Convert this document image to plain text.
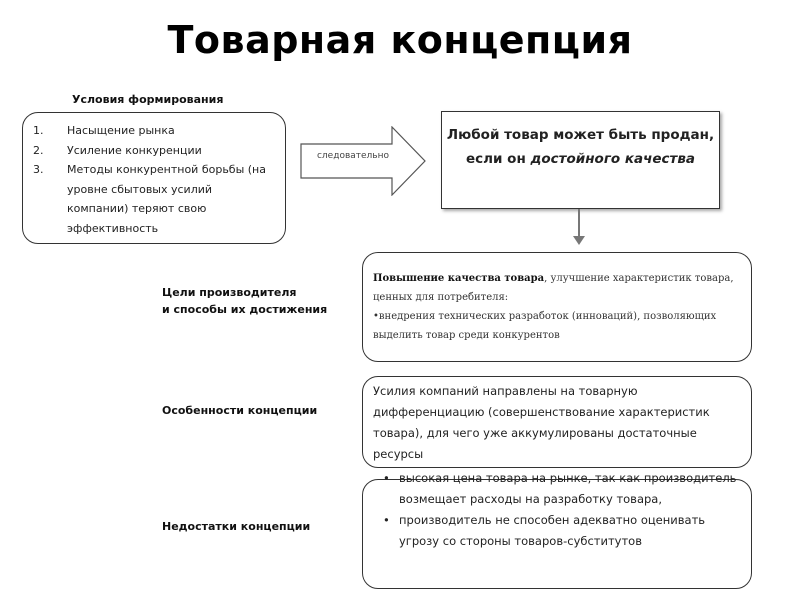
Товарная концепция
Условия формирования
1. Насыщение рынка
2. Усиление конкуренции
3. Методы конкурентной борьбы (на уровне сбытовых усилий компании) теряют свою эффективность
следовательно
Любой товар может быть продан, если он достойного качества
Цели производителя
и способы их достижения
Повышение качества товара, улучшение характеристик товара, ценных для потребителя:
•внедрения технических разработок (инноваций), позволяющих выделить товар среди конкурентов
Особенности концепции
Усилия компаний направлены на товарную дифференциацию (совершенствование характеристик товара), для чего уже аккумулированы достаточные ресурсы
Недостатки концепции
• высокая цена товара на рынке, так как производитель возмещает расходы на разработку товара,
• производитель не способен адекватно оценивать угрозу со стороны товаров-субститутов
